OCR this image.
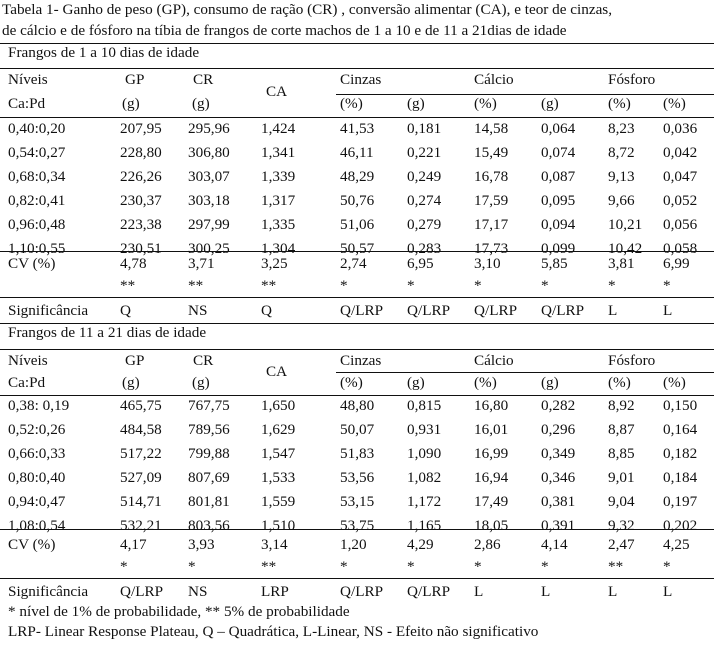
Tabela 1- Ganho de peso (GP), consumo de ração (CR) , conversão alimentar (CA), e teor de cinzas,
de cálcio e de fósforo na tíbia de frangos de corte machos de 1 a 10 e de 11 a 21dias de idade
Frangos de 1 a 10 dias de idade
Níveis
Ca:Pd
GP
(g)
CR
(g)
CA
Cinzas	Cálcio	Fósforo
(%)	(g)	(%)	(g)	(%) (%)
0,40:0,20	207,95 295,96 1,424	41,53 0,181 14,58 0,064 8,23 0,036
0,54:0,27	228,80 306,80 1,341	46,11 0,221 15,49 0,074 8,72 0,042
0,68:0,34	226,26 303,07 1,339	48,29 0,249 16,78 0,087 9,13 0,047
0,82:0,41	230,37 303,18 1,317	50,76 0,274 17,59 0,095 9,66 0,052
0,96:0,48	223,38 297,99 1,335	51,06 0,279 17,17 0,094 10,21 0,056
1,10:0,55	230,51 300,25 1,304	50,57 0,283 17,73 0,099 10,42 0,058
CV (%)	4,78	3,71	3,25	2,74	6,95	3,10	5,85	3,81 6,99
**	**	**	*	*	*	*	*	*
Significância Q	NS	Q	Q/LRP Q/LRP Q/LRP Q/LRP L	L
Frangos de 11 a 21 dias de idade
Níveis
Ca:Pd
GP
(g)
CR
(g)
CA
Cinzas	Cálcio	Fósforo
(%)	(g)	(%)	(g)	(%) (%)
0,38: 0,19	465,75 767,75 1,650	48,80 0,815 16,80 0,282 8,92 0,150
0,52:0,26	484,58 789,56 1,629	50,07 0,931 16,01 0,296 8,87 0,164
0,66:0,33	517,22 799,88 1,547	51,83 1,090 16,99 0,349 8,85 0,182
0,80:0,40	527,09 807,69 1,533	53,56 1,082 16,94 0,346 9,01 0,184
0,94:0,47	514,71 801,81 1,559	53,15 1,172 17,49 0,381 9,04 0,197
1,08:0,54	532,21 803,56 1,510	53,75 1,165 18,05 0,391 9,32 0,202
CV (%)	4,17	3,93	3,14	1,20	4,29	2,86	4,14	2,47 4,25
*	*	**	*	*	*	*	**	*
Significância Q/LRP NS	LRP	Q/LRP Q/LRP L	L	L	L
* nível de 1% de probabilidade, ** 5% de probabilidade
LRP- Linear Response Plateau, Q – Quadrática, L-Linear, NS - Efeito não significativo
